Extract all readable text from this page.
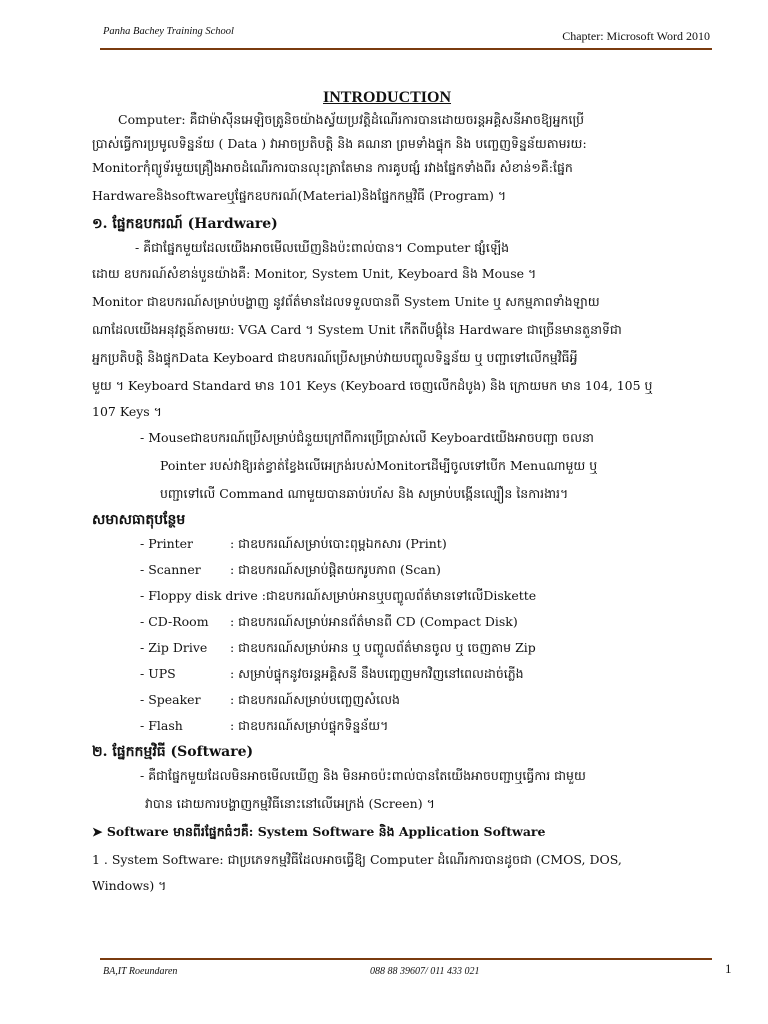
Panha Bachey Training School	Chapter: Microsoft Word 2010
INTRODUCTION
Computer: គឺជាម៉ាស៊ីនអេឡិចត្រូនិចយ៉ាងស្វ័យប្រវត្តិដំណើរការបានដោយចរន្តអគ្គិសនីអាចឱ្យអ្នកប្រើ
ប្រាស់ធ្វើការប្រមូលទិន្នន័យ ( Data ) វាអាចប្រតិបត្តិ និង គណនា ព្រមទាំងផ្ទុក និង បញ្ចេញទិន្នន័យតាមរយ:
Monitorកុំព្យូទ័រមួយគ្រឿងអាចដំណើរការបានលុះត្រាតែមាន ការគូបផ្សំ រវាងផ្នែកទាំងពីរ សំខាន់១គឺ:ផ្នែក
Hardwareនិងsoftwareឬផ្នែកឧបករណ៍(Material)និងផ្នែកកម្មវិធី (Program) ។
១. ផ្នែកឧបករណ៍ (Hardware)
- គឺជាផ្នែកមួយដែលយើងអាចមើលឃើញនិងប៉ះពាល់បាន។ Computer ផ្សំឡើង
ដោយ ឧបករណ៍សំខាន់បួនយ៉ាងគឺ: Monitor, System Unit, Keyboard និង Mouse ។
Monitor ជាឧបករណ៍សម្រាប់បង្ហាញ នូវព័ត៌មានដែលទទួលបានពី System Unite ឬ សកម្មភាពទាំងឡាយ
ណាដែលយើងអនុវត្តន៍តាមរយ: VGA Card ។ System Unit កើតពីបង្គុំនៃ Hardware ជាច្រើនមានតួនាទីជា
អ្នកប្រតិបត្តិ និងផ្ទុកData Keyboard ជាឧបករណ៍ប្រើសម្រាប់វាយបញ្ចូលទិន្នន័យ ឬ បញ្ជាទៅលើកម្មវិធីអ្វី
មួយ ។ Keyboard Standard មាន 101 Keys (Keyboard ចេញលើកដំបូង) និង ក្រោយមក មាន 104, 105 ឬ
107 Keys ។
- Mouseជាឧបករណ៍ប្រើសម្រាប់ជំនួយក្រៅពីការប្រើប្រាស់លើ Keyboardយើងអាចបញ្ជា ចលនា
Pointer របស់វាឱ្យរត់ខ្វាត់ខ្វែងលើអេក្រង់របស់Monitorដើម្បីចូលទៅបើក Menuណាមួយ ឬ
បញ្ជាទៅលើ Command ណាមួយបានឆាប់រហ័ស និង សម្រាប់បង្កើនល្បឿន នៃការងារ។
សមាសធាតុបន្ថែម
- Printer	: ជាឧបករណ៍សម្រាប់បោះពុម្ពឯកសារ (Print)
- Scanner : ជាឧបករណ៍សម្រាប់ផ្តិតយករូបភាព (Scan)
- Floppy disk drive :ជាឧបករណ៍សម្រាប់អានឬបញ្ចូលព័ត៌មានទៅលើDiskette
- CD-Room : ជាឧបករណ៍សម្រាប់អានព័ត៌មានពី CD (Compact Disk)
- Zip Drive : ជាឧបករណ៍សម្រាប់អាន ឬ បញ្ចូលព័ត៌មានចូល ឬ ចេញតាម Zip
- UPS	: សម្រាប់ផ្ទុកនូវចរន្តអគ្គិសនី នឹងបញ្ចេញមកវិញនៅពេលដាច់ភ្លើង
- Speaker : ជាឧបករណ៍សម្រាប់បញ្ចេញសំលេង
- Flash	: ជាឧបករណ៍សម្រាប់ផ្ទុកទិន្នន័យ។
២. ផ្នែកកម្មវិធី (Software)
- គឺជាផ្នែកមួយដែលមិនអាចមើលឃើញ និង មិនអាចប៉ះពាល់បានតែយើងអាចបញ្ជាឬធ្វើការ ជាមួយ
វាបាន ដោយការបង្ហាញកម្មវិធីនោះនៅលើអេក្រង់ (Screen) ។
➤ Software មានពីរផ្នែកធំៗគឺ: System Software និង Application Software
1 . System Software: ជាប្រភេទកម្មវិធីដែលអាចធ្វើឱ្យ Computer ដំណើរការបានដូចជា (CMOS, DOS,
Windows) ។
BA,IT Roeundaren	088 88 39607/ 011 433 021	1
